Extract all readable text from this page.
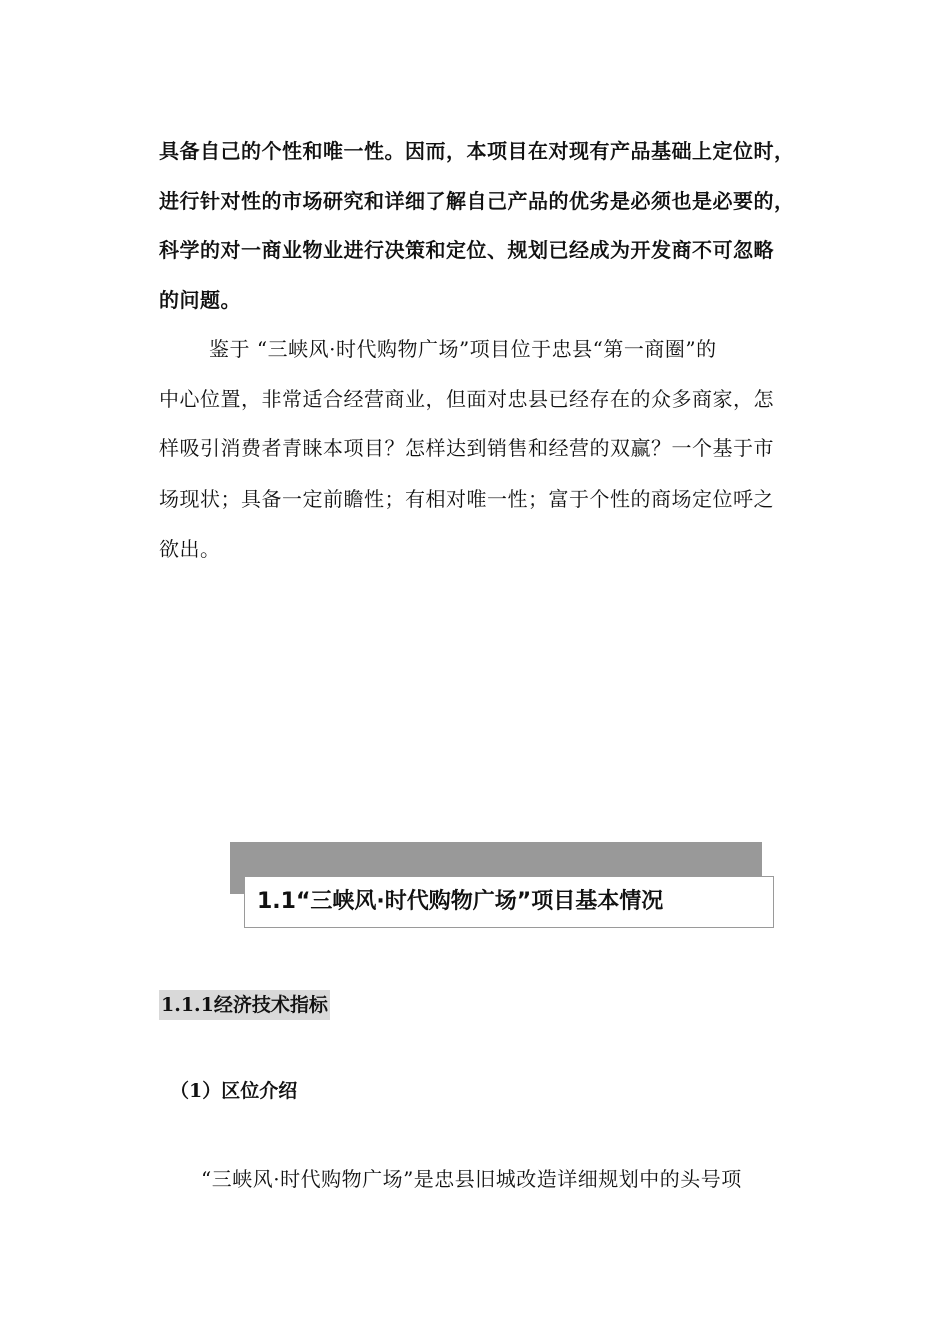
具备自己的个性和唯一性。因而，本项目在对现有产品基础上定位时，
进行针对性的市场研究和详细了解自己产品的优劣是必须也是必要的，
科学的对一商业物业进行决策和定位、规划已经成为开发商不可忽略
的问题。
鉴于 “三峡风·时代购物广场”项目位于忠县“第一商圈”的
中心位置，非常适合经营商业，但面对忠县已经存在的众多商家，怎
样吸引消费者青睐本项目？怎样达到销售和经营的双赢？一个基于市
场现状；具备一定前瞻性；有相对唯一性；富于个性的商场定位呼之
欲出。
1.1“三峡风·时代购物广场”项目基本情况
1.1.1经济技术指标
（1）区位介绍
“三峡风·时代购物广场”是忠县旧城改造详细规划中的头号项
